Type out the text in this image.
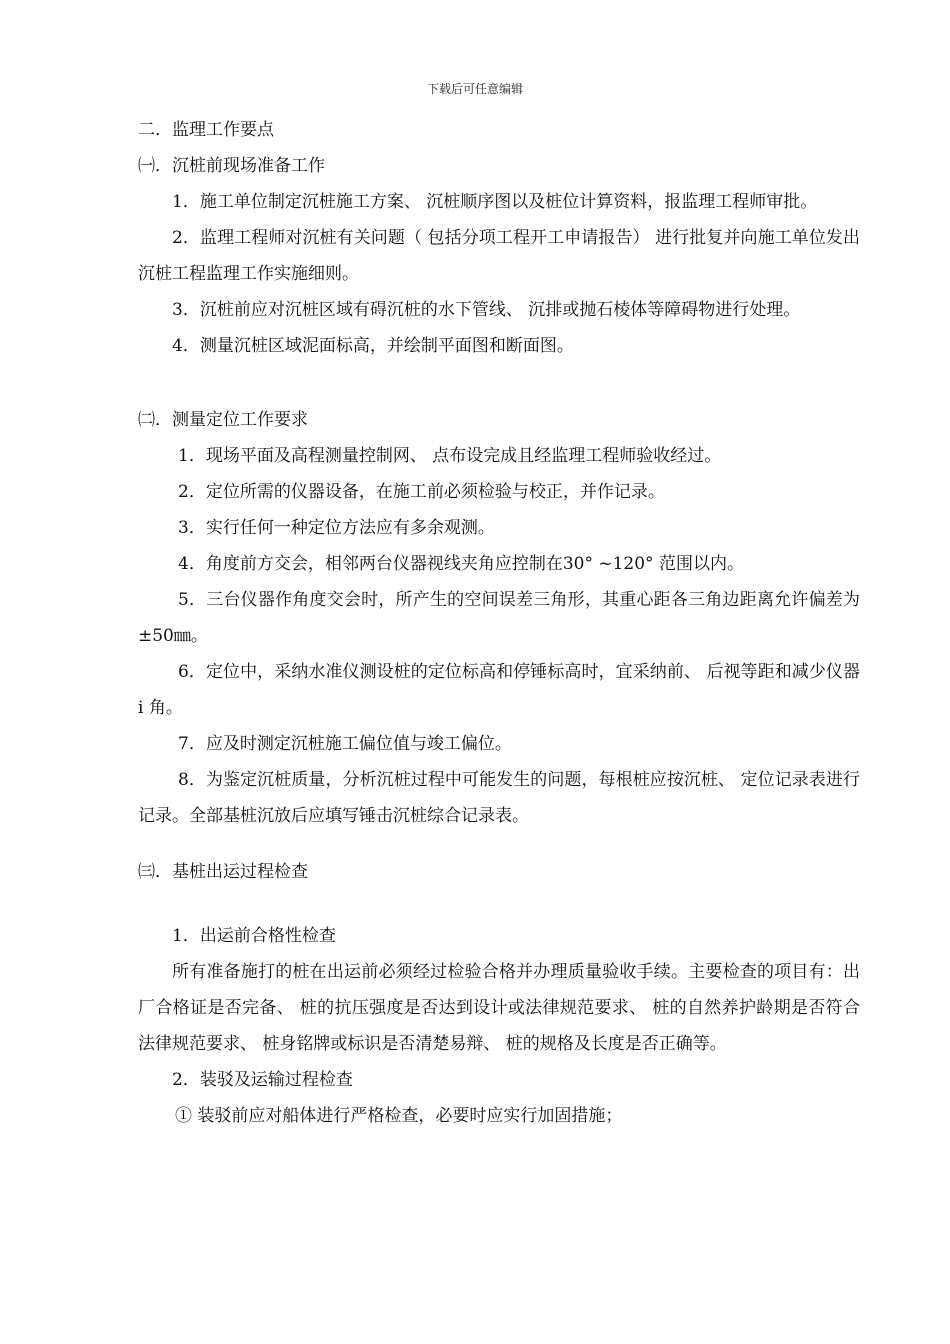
下载后可任意编辑

二．监理工作要点

㈠．沉桩前现场准备工作

1．施工单位制定沉桩施工方案、 沉桩顺序图以及桩位计算资料，报监理工程师审批。

2．监理工程师对沉桩有关问题（ 包括分项工程开工申请报告） 进行批复并向施工单位发出沉桩工程监理工作实施细则。

3．沉桩前应对沉桩区域有碍沉桩的水下管线、 沉排或抛石棱体等障碍物进行处理。

4．测量沉桩区域泥面标高，并绘制平面图和断面图。

㈡．测量定位工作要求

1．现场平面及高程测量控制网、 点布设完成且经监理工程师验收经过。

2．定位所需的仪器设备，在施工前必须检验与校正，并作记录。

3．实行任何一种定位方法应有多余观测。

4．角度前方交会，相邻两台仪器视线夹角应控制在30° ~120° 范围以内。

5．三台仪器作角度交会时，所产生的空间误差三角形，其重心距各三角边距离允许偏差为±50㎜。

6．定位中，采纳水准仪测设桩的定位标高和停锤标高时，宜采纳前、 后视等距和减少仪器 i 角。

7．应及时测定沉桩施工偏位值与竣工偏位。

8．为鉴定沉桩质量，分析沉桩过程中可能发生的问题，每根桩应按沉桩、 定位记录表进行记录。全部基桩沉放后应填写锤击沉桩综合记录表。

㈢．基桩出运过程检查

1．出运前合格性检查

所有准备施打的桩在出运前必须经过检验合格并办理质量验收手续。主要检查的项目有：出厂合格证是否完备、 桩的抗压强度是否达到设计或法律规范要求、 桩的自然养护龄期是否符合法律规范要求、 桩身铭牌或标识是否清楚易辩、 桩的规格及长度是否正确等。

2．装驳及运输过程检查

① 装驳前应对船体进行严格检查，必要时应实行加固措施；
